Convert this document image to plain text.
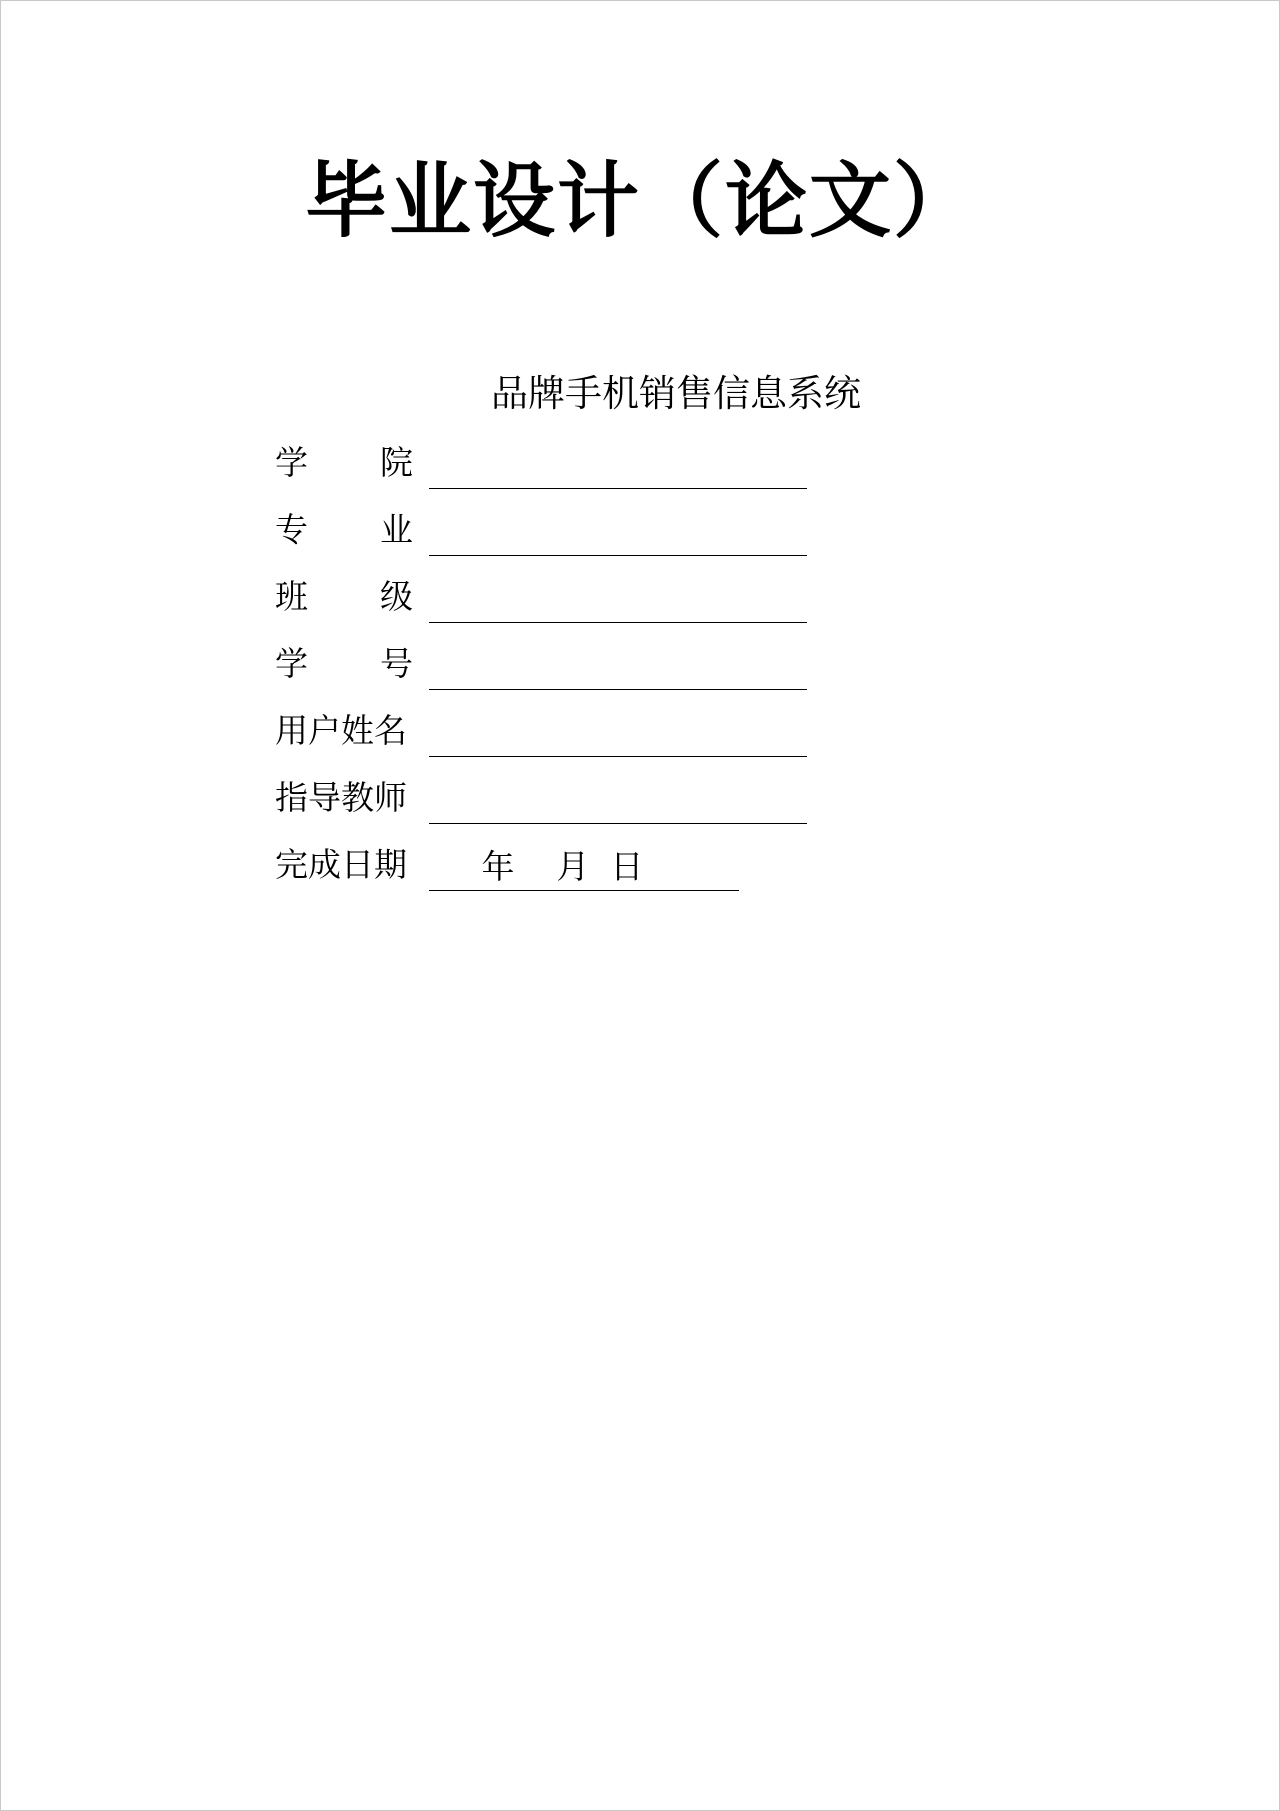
毕业设计（论文）
品牌手机销售信息系统
学 院
专 业
班 级
学 号
用户姓名
指导教师
完成日期 年    月  日
